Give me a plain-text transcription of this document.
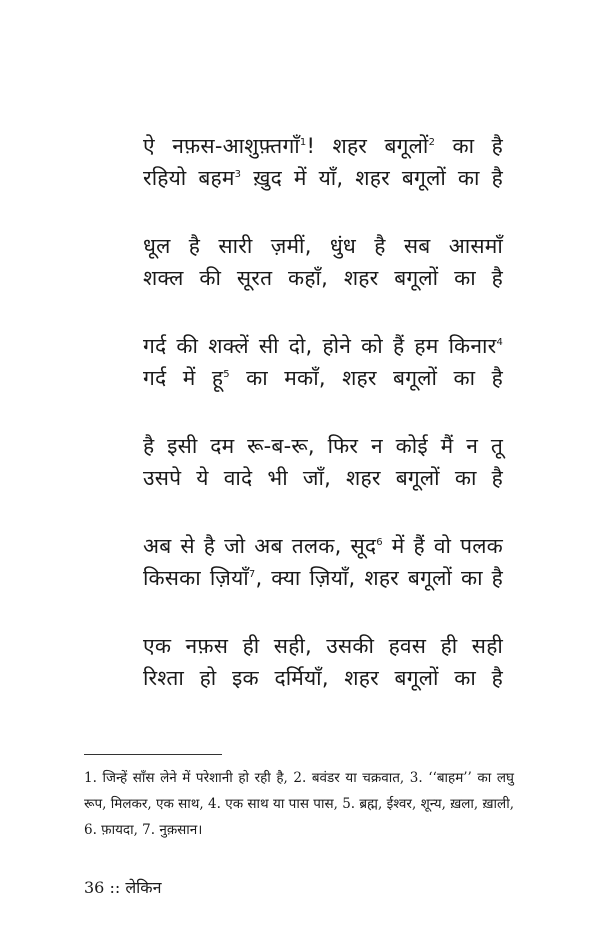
ऐ नफ़स-आशुफ़्तगाँ$^1$! शहर बगूलों$^2$ का है
रहियो बहम$^3$ ख़ुद में याँ, शहर बगूलों का है
धूल है सारी ज़मीं, धुंध है सब आसमाँ
शक्ल की सूरत कहाँ, शहर बगूलों का है
गर्द की शक्लें सी दो, होने को हैं हम किनार$^4$
गर्द में हू$^5$ का मकाँ, शहर बगूलों का है
है इसी दम रू-ब-रू, फिर न कोई मैं न तू
उसपे ये वादे भी जाँ, शहर बगूलों का है
अब से है जो अब तलक, सूद$^6$ में हैं वो पलक
किसका ज़ियाँ$^7$, क्या ज़ियाँ, शहर बगूलों का है
एक नफ़स ही सही, उसकी हवस ही सही
रिश्ता हो इक दर्मियाँ, शहर बगूलों का है
1. जिन्हें साँस लेने में परेशानी हो रही है, 2. बवंडर या चक्रवात, 3. ‘‘बाहम’’ का लघु
रूप, मिलकर, एक साथ, 4. एक साथ या पास पास, 5. ब्रह्म, ईश्वर, शून्य, ख़ला, ख़ाली,
6. फ़ायदा, 7. नुक़सान।
36 :: लेकिन
